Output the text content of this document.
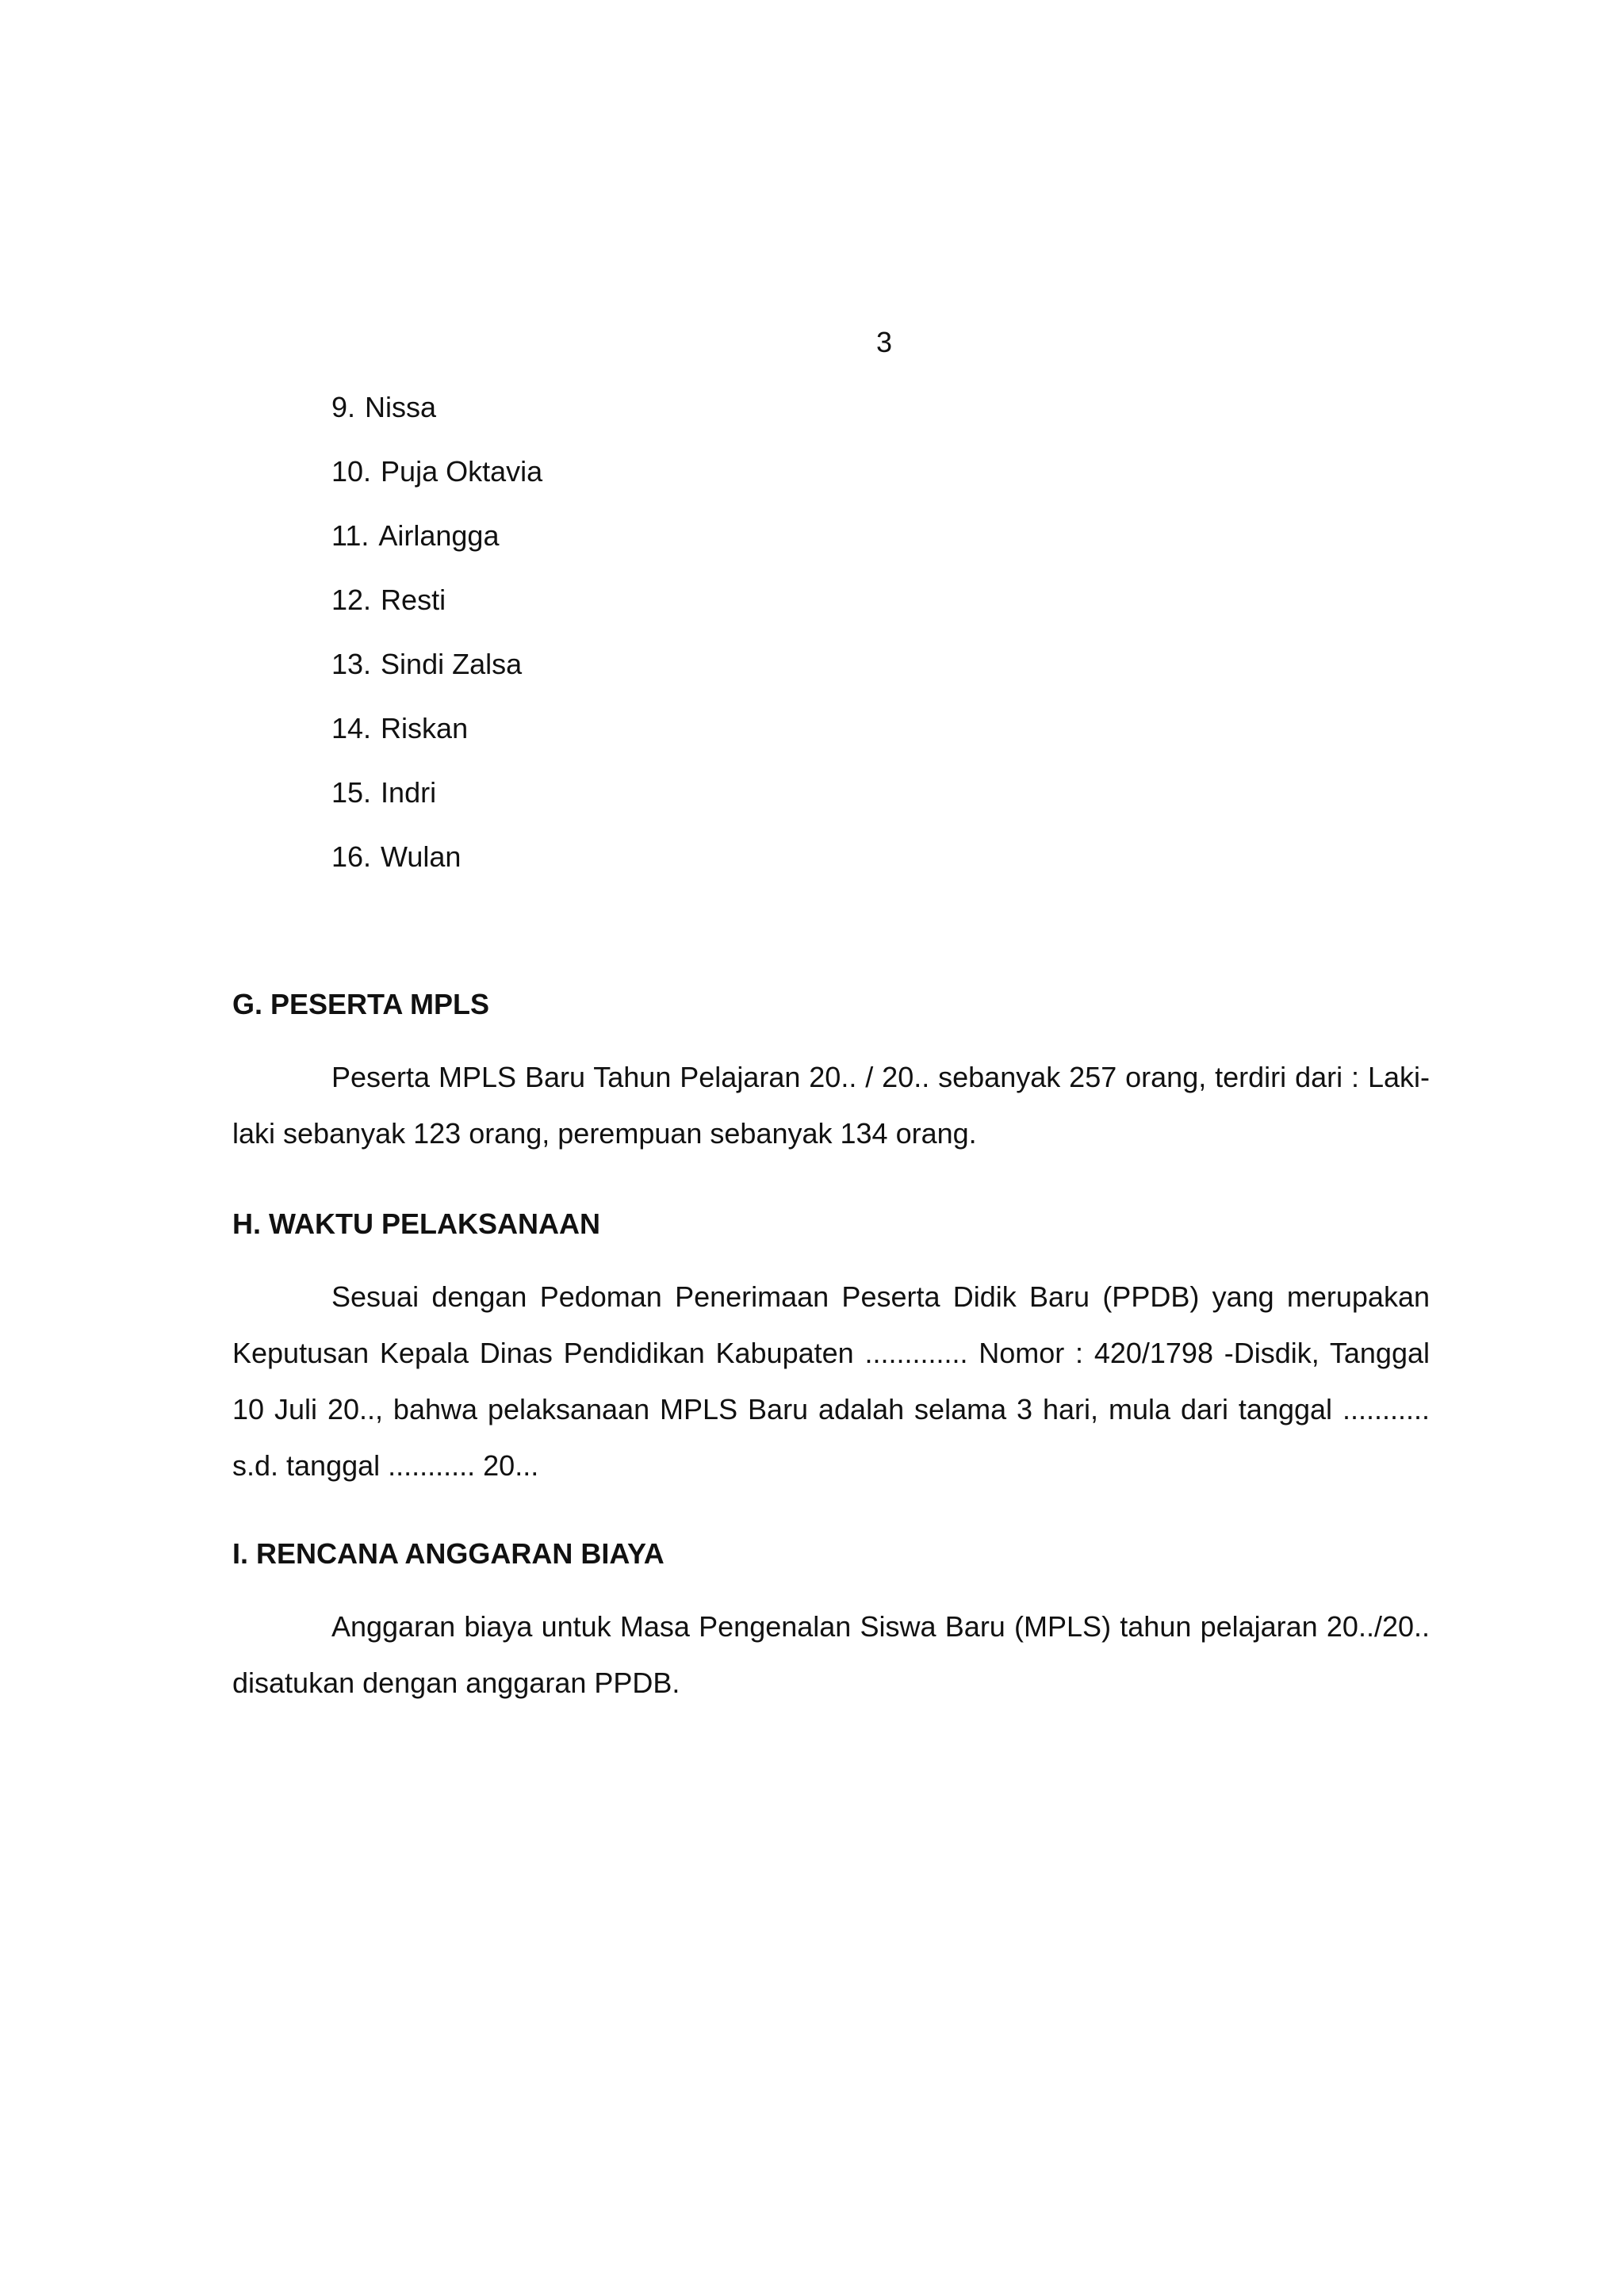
3
9. Nissa
10. Puja Oktavia
11. Airlangga
12. Resti
13. Sindi Zalsa
14. Riskan
15. Indri
16. Wulan
G. PESERTA MPLS

Peserta MPLS Baru Tahun Pelajaran 20.. / 20.. sebanyak 257 orang, terdiri dari : Laki-laki sebanyak 123 orang, perempuan sebanyak 134 orang.

H. WAKTU PELAKSANAAN

Sesuai dengan Pedoman Penerimaan Peserta Didik Baru (PPDB) yang merupakan Keputusan Kepala Dinas Pendidikan Kabupaten ............. Nomor : 420/1798 -Disdik, Tanggal 10 Juli 20.., bahwa pelaksanaan MPLS Baru adalah selama 3 hari, mula dari tanggal ........... s.d. tanggal ........... 20...

I. RENCANA ANGGARAN BIAYA

Anggaran biaya untuk Masa Pengenalan Siswa Baru (MPLS) tahun pelajaran 20../20.. disatukan dengan anggaran PPDB.
